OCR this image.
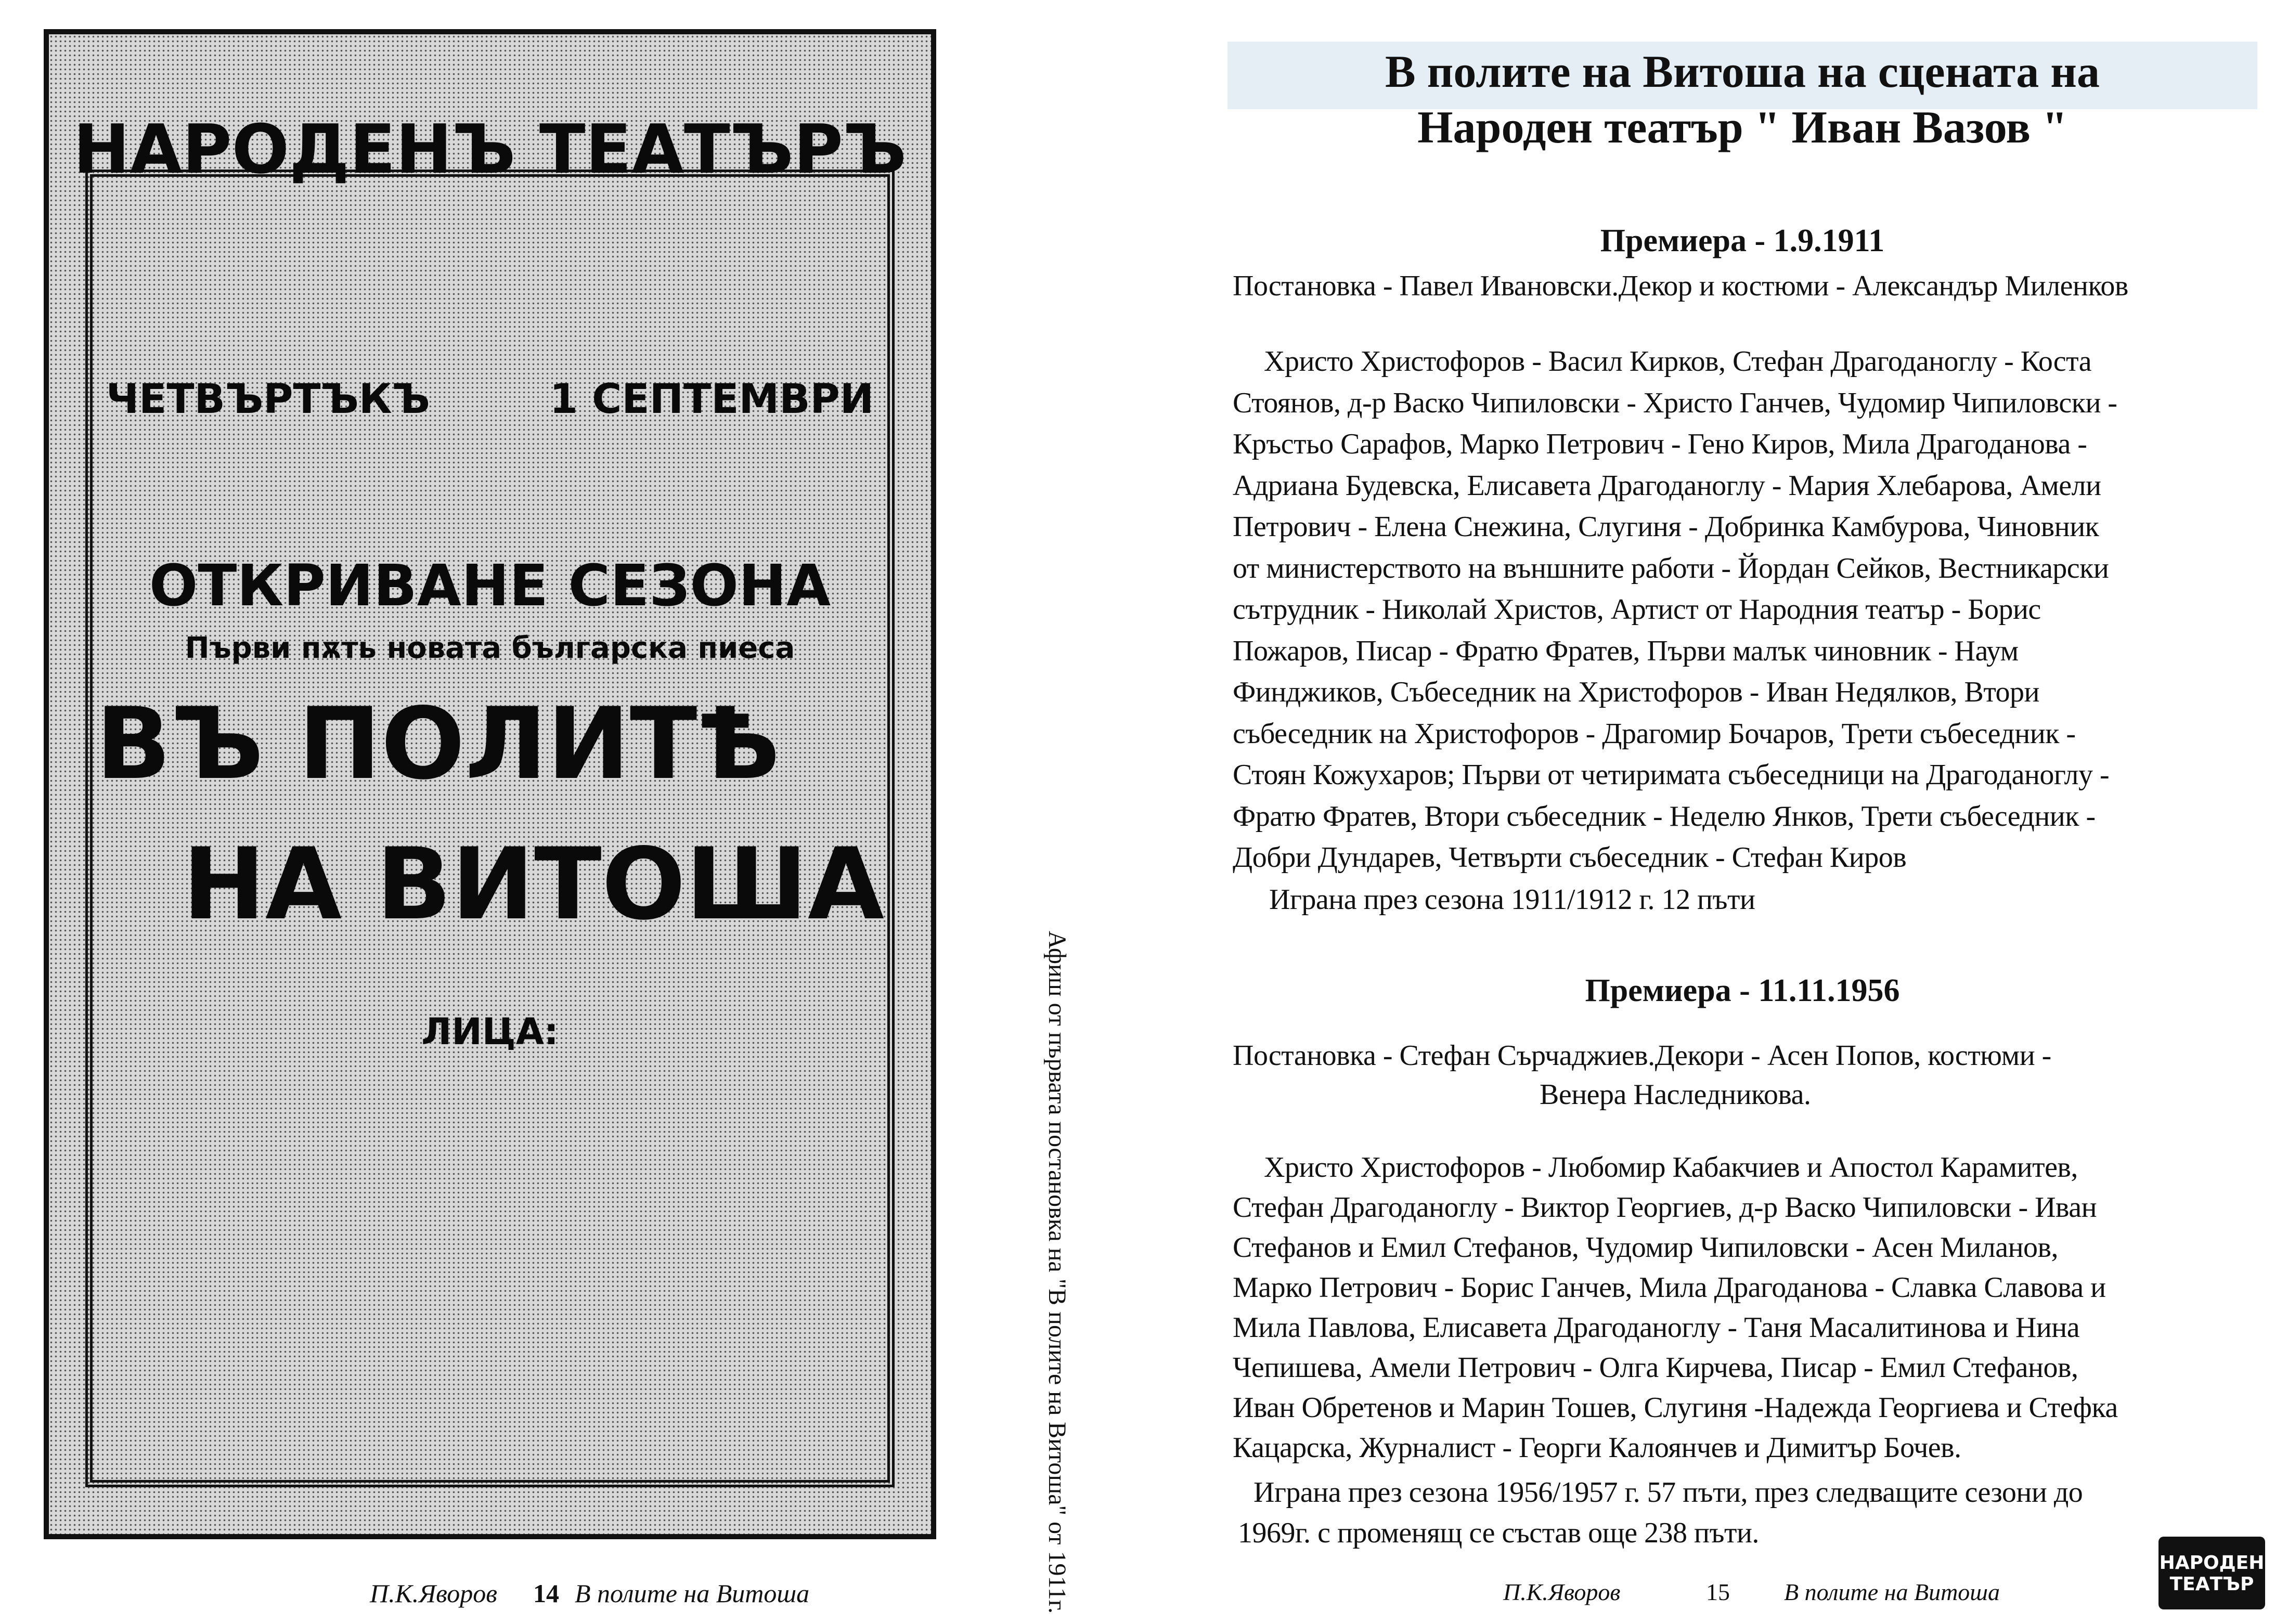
НАРОДЕНЪ ТЕАТЪРЪ
ЧЕТВЪРТЪКЪ	1 СЕПТЕМВРИ
ОТКРИВАНЕ СЕЗОНА
Първи пѫть новата българска пиеса
ВЪ ПОЛИТѢ
НА ВИТОША
ЛИЦА:	Афиш от първата постановка на "В полите на Витоша" от 1911г.
П.К.Яворов 14 В полите на Витоша
В полите на Витоша на сцената на
Народен театър " Иван Вазов "
Премиера - 1.9.1911
Постановка - Павел Ивановски.Декор и костюми - Александър Миленков
Христо Христофоров - Васил Кирков, Стефан Драгоданоглу - Коста
Стоянов, д-р Васко Чипиловски - Христо Ганчев, Чудомир Чипиловски -
Кръстьо Сарафов, Марко Петрович - Гено Киров, Мила Драгоданова -
Адриана Будевска, Елисавета Драгоданоглу - Мария Хлебарова, Амели
Петрович - Елена Снежина, Слугиня - Добринка Камбурова, Чиновник
от министерството на външните работи - Йордан Сейков, Вестникарски
сътрудник - Николай Христов, Артист от Народния театър - Борис
Пожаров, Писар - Фратю Фратев, Първи малък чиновник - Наум
Финджиков, Събеседник на Христофоров - Иван Недялков, Втори
събеседник на Христофоров - Драгомир Бочаров, Трети събеседник -
Стоян Кожухаров; Първи от четиримата събеседници на Драгоданоглу -
Фратю Фратев, Втори събеседник - Неделю Янков, Трети събеседник -
Добри Дундарев, Четвърти събеседник - Стефан Киров
Играна през сезона 1911/1912 г. 12 пъти
Премиера - 11.11.1956
Постановка - Стефан Сърчаджиев.Декори - Асен Попов, костюми -
Венера Наследникова.
Христо Христофоров - Любомир Кабакчиев и Апостол Карамитев,
Стефан Драгоданоглу - Виктор Георгиев, д-р Васко Чипиловски - Иван
Стефанов и Емил Стефанов, Чудомир Чипиловски - Асен Миланов,
Марко Петрович - Борис Ганчев, Мила Драгоданова - Славка Славова и
Мила Павлова, Елисавета Драгоданоглу - Таня Масалитинова и Нина
Чепишева, Амели Петрович - Олга Кирчева, Писар - Емил Стефанов,
Иван Обретенов и Марин Тошев, Слугиня -Надежда Георгиева и Стефка
Кацарска, Журналист - Георги Калоянчев и Димитър Бочев.
Играна през сезона 1956/1957 г. 57 пъти, през следващите сезони до
1969г. с променящ се състав още 238 пъти.
П.К.Яворов	15 В полите на Витоша
НАРОДЕН
ТЕАТЪР
